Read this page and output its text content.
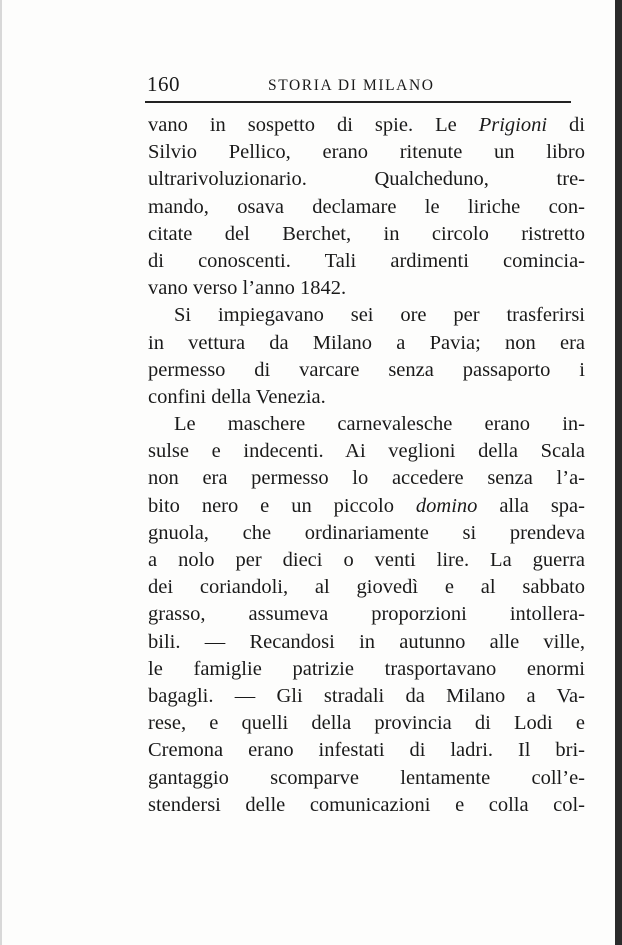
160	STORIA DI MILANO
vano in sospetto di spie. Le Prigioni di
Silvio Pellico, erano ritenute un libro
ultrarivoluzionario. Qualcheduno, tre-
mando, osava declamare le liriche con-
citate del Berchet, in circolo ristretto
di conoscenti. Tali ardimenti comincia-
vano verso l’anno 1842.
Si impiegavano sei ore per trasferirsi
in vettura da Milano a Pavia; non era
permesso di varcare senza passaporto i
confini della Venezia.
Le maschere carnevalesche erano in-
sulse e indecenti. Ai veglioni della Scala
non era permesso lo accedere senza l’a-
bito nero e un piccolo domino alla spa-
gnuola, che ordinariamente si prendeva
a nolo per dieci o venti lire. La guerra
dei coriandoli, al giovedì e al sabbato
grasso, assumeva proporzioni intollera-
bili. — Recandosi in autunno alle ville,
le famiglie patrizie trasportavano enormi
bagagli. — Gli stradali da Milano a Va-
rese, e quelli della provincia di Lodi e
Cremona erano infestati di ladri. Il bri-
gantaggio scomparve lentamente coll’e-
stendersi delle comunicazioni e colla col-
